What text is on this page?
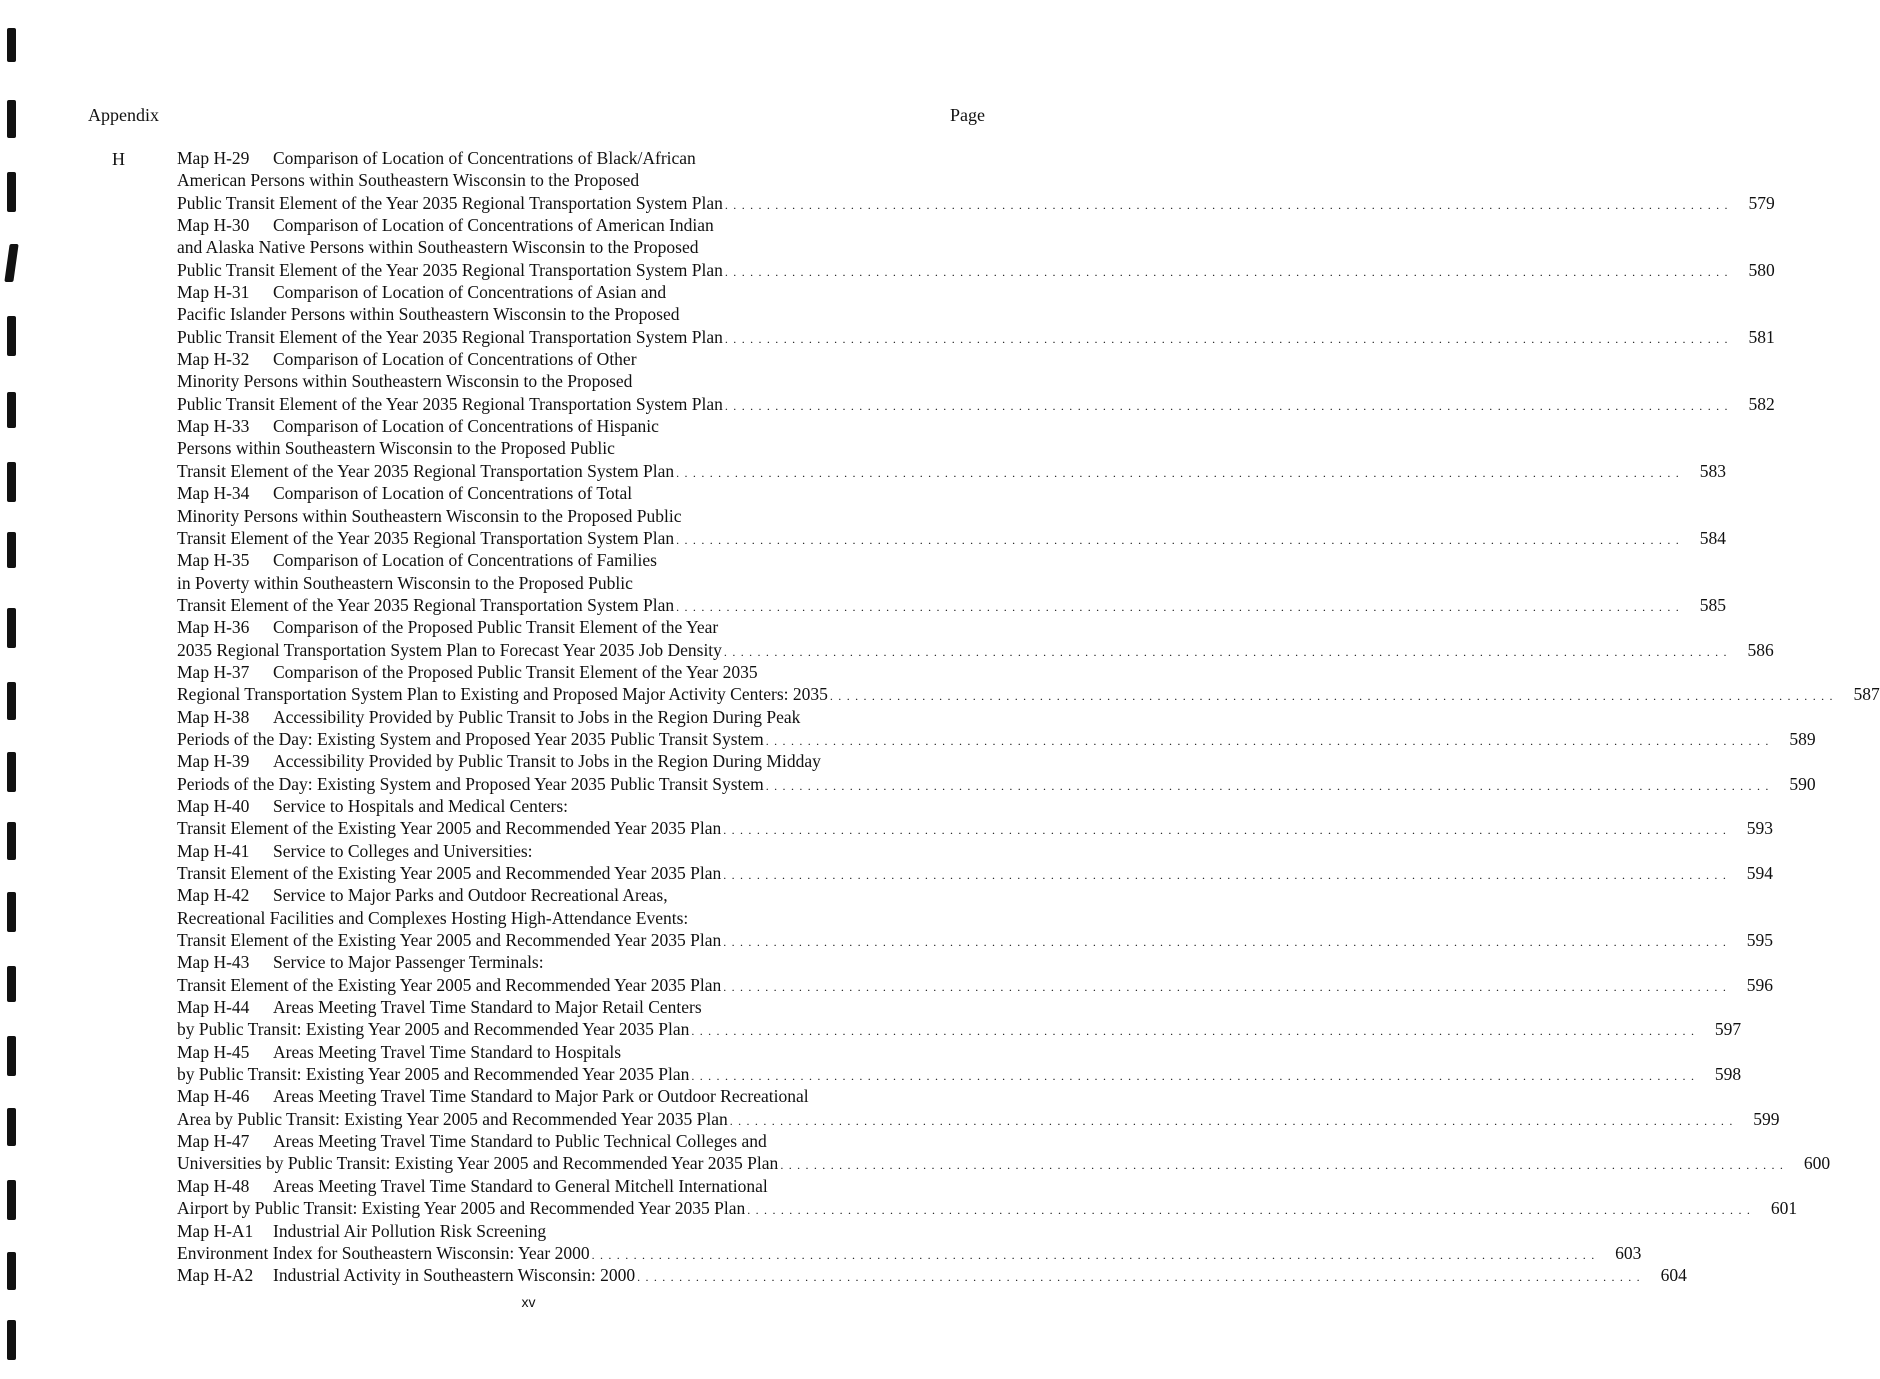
Appendix	Page
H	Map H-29 Comparison of Location of Concentrations of Black/African
American Persons within Southeastern Wisconsin to the Proposed
Public Transit Element of the Year 2035 Regional Transportation System Plan . . . . . . . . . . . . . . . . . . . . . . . . . . . . . . . . . . . . . . . . . . . . . . . . . . . . . . . . . . . . . . . . . . . . . . . . . . . . . . . . . . . . . . . . . . . . . . . . . . . . . . . . . . . . . . . . . . . . . . . .	579
Map H-30 Comparison of Location of Concentrations of American Indian
and Alaska Native Persons within Southeastern Wisconsin to the Proposed
Public Transit Element of the Year 2035 Regional Transportation System Plan . . . . . . . . . . . . . . . . . . . . . . . . . . . . . . . . . . . . . . . . . . . . . . . . . . . . . . . . . . . . . . . . . . . . . . . . . . . . . . . . . . . . . . . . . . . . . . . . . . . . . . . . . . . . . . . . . . . . . . . .	580
Map H-31 Comparison of Location of Concentrations of Asian and
Pacific Islander Persons within Southeastern Wisconsin to the Proposed
Public Transit Element of the Year 2035 Regional Transportation System Plan . . . . . . . . . . . . . . . . . . . . . . . . . . . . . . . . . . . . . . . . . . . . . . . . . . . . . . . . . . . . . . . . . . . . . . . . . . . . . . . . . . . . . . . . . . . . . . . . . . . . . . . . . . . . . . . . . . . . . . . .	581
Map H-32 Comparison of Location of Concentrations of Other
Minority Persons within Southeastern Wisconsin to the Proposed
Public Transit Element of the Year 2035 Regional Transportation System Plan . . . . . . . . . . . . . . . . . . . . . . . . . . . . . . . . . . . . . . . . . . . . . . . . . . . . . . . . . . . . . . . . . . . . . . . . . . . . . . . . . . . . . . . . . . . . . . . . . . . . . . . . . . . . . . . . . . . . . . . .	582
Map H-33 Comparison of Location of Concentrations of Hispanic
Persons within Southeastern Wisconsin to the Proposed Public
Transit Element of the Year 2035 Regional Transportation System Plan . . . . . . . . . . . . . . . . . . . . . . . . . . . . . . . . . . . . . . . . . . . . . . . . . . . . . . . . . . . . . . . . . . . . . . . . . . . . . . . . . . . . . . . . . . . . . . . . . . . . . . . . . . . . . . . . . . . . . . . .	583
Map H-34 Comparison of Location of Concentrations of Total
Minority Persons within Southeastern Wisconsin to the Proposed Public
Transit Element of the Year 2035 Regional Transportation System Plan . . . . . . . . . . . . . . . . . . . . . . . . . . . . . . . . . . . . . . . . . . . . . . . . . . . . . . . . . . . . . . . . . . . . . . . . . . . . . . . . . . . . . . . . . . . . . . . . . . . . . . . . . . . . . . . . . . . . . . . .	584
Map H-35 Comparison of Location of Concentrations of Families
in Poverty within Southeastern Wisconsin to the Proposed Public
Transit Element of the Year 2035 Regional Transportation System Plan . . . . . . . . . . . . . . . . . . . . . . . . . . . . . . . . . . . . . . . . . . . . . . . . . . . . . . . . . . . . . . . . . . . . . . . . . . . . . . . . . . . . . . . . . . . . . . . . . . . . . . . . . . . . . . . . . . . . . . . .	585
Map H-36 Comparison of the Proposed Public Transit Element of the Year
2035 Regional Transportation System Plan to Forecast Year 2035 Job Density . . . . . . . . . . . . . . . . . . . . . . . . . . . . . . . . . . . . . . . . . . . . . . . . . . . . . . . . . . . . . . . . . . . . . . . . . . . . . . . . . . . . . . . . . . . . . . . . . . . . . . . . . . . . . . . . . . . . . . . .	586
Map H-37 Comparison of the Proposed Public Transit Element of the Year 2035
Regional Transportation System Plan to Existing and Proposed Major Activity Centers: 2035 . . . . . . . . . . . . . . . . . . . . . . . . . . . . . . . . . . . . . . . . . . . . . . . . . . . . . . . . . . . . . . . . . . . . . . . . . . . . . . . . . . . . . . . . . . . . . . . . . . . . . . . . . . . . . . . . . . . . . . . .	587
Map H-38 Accessibility Provided by Public Transit to Jobs in the Region During Peak
Periods of the Day: Existing System and Proposed Year 2035 Public Transit System . . . . . . . . . . . . . . . . . . . . . . . . . . . . . . . . . . . . . . . . . . . . . . . . . . . . . . . . . . . . . . . . . . . . . . . . . . . . . . . . . . . . . . . . . . . . . . . . . . . . . . . . . . . . . . . . . . . . . . . .	589
Map H-39 Accessibility Provided by Public Transit to Jobs in the Region During Midday
Periods of the Day: Existing System and Proposed Year 2035 Public Transit System . . . . . . . . . . . . . . . . . . . . . . . . . . . . . . . . . . . . . . . . . . . . . . . . . . . . . . . . . . . . . . . . . . . . . . . . . . . . . . . . . . . . . . . . . . . . . . . . . . . . . . . . . . . . . . . . . . . . . . . .	590
Map H-40 Service to Hospitals and Medical Centers:
Transit Element of the Existing Year 2005 and Recommended Year 2035 Plan . . . . . . . . . . . . . . . . . . . . . . . . . . . . . . . . . . . . . . . . . . . . . . . . . . . . . . . . . . . . . . . . . . . . . . . . . . . . . . . . . . . . . . . . . . . . . . . . . . . . . . . . . . . . . . . . . . . . . . . .	593
Map H-41 Service to Colleges and Universities:
Transit Element of the Existing Year 2005 and Recommended Year 2035 Plan . . . . . . . . . . . . . . . . . . . . . . . . . . . . . . . . . . . . . . . . . . . . . . . . . . . . . . . . . . . . . . . . . . . . . . . . . . . . . . . . . . . . . . . . . . . . . . . . . . . . . . . . . . . . . . . . . . . . . . . .	594
Map H-42 Service to Major Parks and Outdoor Recreational Areas,
Recreational Facilities and Complexes Hosting High-Attendance Events:
Transit Element of the Existing Year 2005 and Recommended Year 2035 Plan . . . . . . . . . . . . . . . . . . . . . . . . . . . . . . . . . . . . . . . . . . . . . . . . . . . . . . . . . . . . . . . . . . . . . . . . . . . . . . . . . . . . . . . . . . . . . . . . . . . . . . . . . . . . . . . . . . . . . . . .	595
Map H-43 Service to Major Passenger Terminals:
Transit Element of the Existing Year 2005 and Recommended Year 2035 Plan . . . . . . . . . . . . . . . . . . . . . . . . . . . . . . . . . . . . . . . . . . . . . . . . . . . . . . . . . . . . . . . . . . . . . . . . . . . . . . . . . . . . . . . . . . . . . . . . . . . . . . . . . . . . . . . . . . . . . . . .	596
Map H-44 Areas Meeting Travel Time Standard to Major Retail Centers
by Public Transit: Existing Year 2005 and Recommended Year 2035 Plan . . . . . . . . . . . . . . . . . . . . . . . . . . . . . . . . . . . . . . . . . . . . . . . . . . . . . . . . . . . . . . . . . . . . . . . . . . . . . . . . . . . . . . . . . . . . . . . . . . . . . . . . . . . . . . . . . . . . . . . .	597
Map H-45 Areas Meeting Travel Time Standard to Hospitals
by Public Transit: Existing Year 2005 and Recommended Year 2035 Plan . . . . . . . . . . . . . . . . . . . . . . . . . . . . . . . . . . . . . . . . . . . . . . . . . . . . . . . . . . . . . . . . . . . . . . . . . . . . . . . . . . . . . . . . . . . . . . . . . . . . . . . . . . . . . . . . . . . . . . . .	598
Map H-46 Areas Meeting Travel Time Standard to Major Park or Outdoor Recreational
Area by Public Transit: Existing Year 2005 and Recommended Year 2035 Plan . . . . . . . . . . . . . . . . . . . . . . . . . . . . . . . . . . . . . . . . . . . . . . . . . . . . . . . . . . . . . . . . . . . . . . . . . . . . . . . . . . . . . . . . . . . . . . . . . . . . . . . . . . . . . . . . . . . . . . . .	599
Map H-47 Areas Meeting Travel Time Standard to Public Technical Colleges and
Universities by Public Transit: Existing Year 2005 and Recommended Year 2035 Plan . . . . . . . . . . . . . . . . . . . . . . . . . . . . . . . . . . . . . . . . . . . . . . . . . . . . . . . . . . . . . . . . . . . . . . . . . . . . . . . . . . . . . . . . . . . . . . . . . . . . . . . . . . . . . . . . . . . . . . . .	600
Map H-48 Areas Meeting Travel Time Standard to General Mitchell International
Airport by Public Transit: Existing Year 2005 and Recommended Year 2035 Plan . . . . . . . . . . . . . . . . . . . . . . . . . . . . . . . . . . . . . . . . . . . . . . . . . . . . . . . . . . . . . . . . . . . . . . . . . . . . . . . . . . . . . . . . . . . . . . . . . . . . . . . . . . . . . . . . . . . . . . . .	601
Map H-A1 Industrial Air Pollution Risk Screening
Environment Index for Southeastern Wisconsin: Year 2000 . . . . . . . . . . . . . . . . . . . . . . . . . . . . . . . . . . . . . . . . . . . . . . . . . . . . . . . . . . . . . . . . . . . . . . . . . . . . . . . . . . . . . . . . . . . . . . . . . . . . . . . . . . . . . . . . . . . . . . . .	603
Map H-A2 Industrial Activity in Southeastern Wisconsin: 2000 . . . . . . . . . . . . . . . . . . . . . . . . . . . . . . . . . . . . . . . . . . . . . . . . . . . . . . . . . . . . . . . . . . . . . . . . . . . . . . . . . . . . . . . . . . . . . . . . . . . . . . . . . . . . . . . . . . . . . . . .	604
xv
